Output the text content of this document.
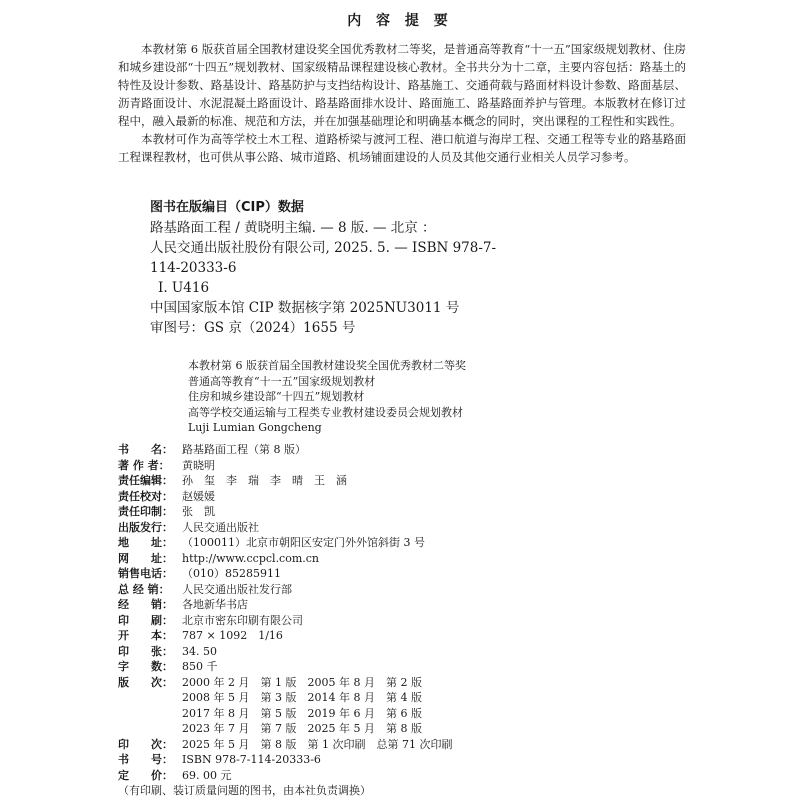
内 容 提 要

本教材第 6 版获首届全国教材建设奖全国优秀教材二等奖，是普通高等教育“十一五”国家级规划教材、住房和城乡建设部“十四五”规划教材、国家级精品课程建设核心教材。全书共分为十二章，主要内容包括：路基土的特性及设计参数、路基设计、路基防护与支挡结构设计、路基施工、交通荷载与路面材料设计参数、路面基层、沥青路面设计、水泥混凝土路面设计、路基路面排水设计、路面施工、路基路面养护与管理。本版教材在修订过程中，融入最新的标准、规范和方法，并在加强基础理论和明确基本概念的同时，突出课程的工程性和实践性。

本教材可作为高等学校土木工程、道路桥梁与渡河工程、港口航道与海岸工程、交通工程等专业的路基路面工程课程教材，也可供从事公路、城市道路、机场铺面建设的人员及其他交通行业相关人员学习参考。

图书在版编目（CIP）数据
路基路面工程 / 黄晓明主编. — 8 版. — 北京 ：
人民交通出版社股份有限公司, 2025. 5. — ISBN 978-7-
114-20333-6
Ⅰ. U416
中国国家版本馆 CIP 数据核字第 2025NU3011 号
审图号：GS 京（2024）1655 号
本教材第 6 版获首届全国教材建设奖全国优秀教材二等奖
普通高等教育“十一五”国家级规划教材
住房和城乡建设部“十四五”规划教材
高等学校交通运输与工程类专业教材建设委员会规划教材
Luji Lumian Gongcheng
书　　名： 路基路面工程（第 8 版）
著 作 者：	黄晓明
责任编辑： 孙　玺　李　瑞　李　晴　王　涵
责任校对： 赵媛媛
责任印制： 张　凯
出版发行： 人民交通出版社
地　　址： （100011）北京市朝阳区安定门外外馆斜街 3 号
网　　址： http://www.ccpcl.com.cn
销售电话： （010）85285911
总 经 销：	人民交通出版社发行部
经　　销： 各地新华书店
印　　刷： 北京市密东印刷有限公司
开　　本： 787 × 1092　1/16
印　　张： 34. 50
字　　数： 850 千
版　　次： 2000 年 2 月　第 1 版　2005 年 8 月　第 2 版
2008 年 5 月　第 3 版　2014 年 8 月　第 4 版
2017 年 8 月　第 5 版　2019 年 6 月　第 6 版
2023 年 7 月　第 7 版　2025 年 5 月　第 8 版
印　　次： 2025 年 5 月　第 8 版　第 1 次印刷　总第 71 次印刷
书　　号： ISBN 978-7-114-20333-6
定　　价： 69. 00 元
（有印刷、装订质量问题的图书，由本社负责调换）
